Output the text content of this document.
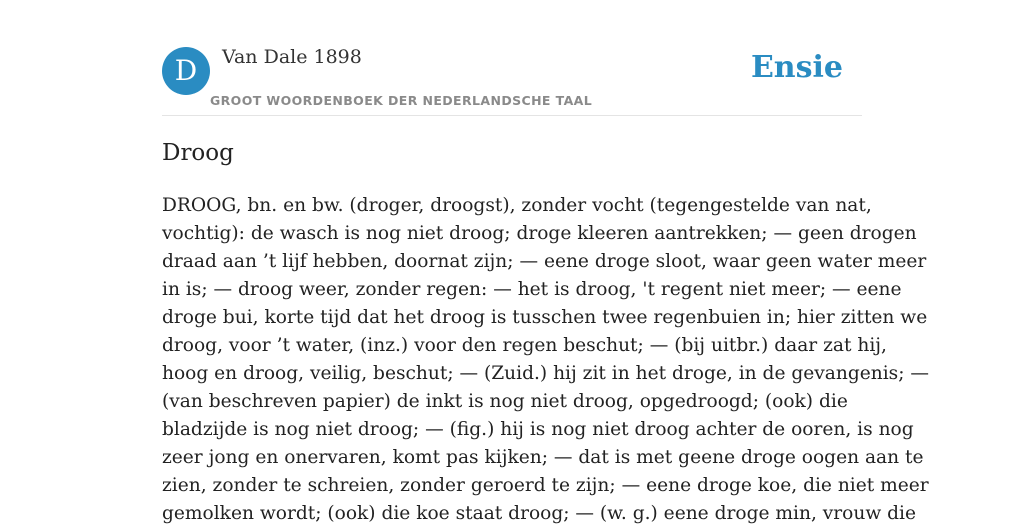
D	Van Dale 1898
GROOT WOORDENBOEK DER NEDERLANDSCHE TAAL
Ensie
Droog
DROOG, bn. en bw. (droger, droogst), zonder vocht (tegengestelde van nat,
vochtig): de wasch is nog niet droog; droge kleeren aantrekken; — geen drogen
draad aan ’t lijf hebben, doornat zijn; — eene droge sloot, waar geen water meer
in is; — droog weer, zonder regen: — het is droog, 't regent niet meer; — eene
droge bui, korte tijd dat het droog is tusschen twee regenbuien in; hier zitten we
droog, voor ’t water, (inz.) voor den regen beschut; — (bij uitbr.) daar zat hij,
hoog en droog, veilig, beschut; — (Zuid.) hij zit in het droge, in de gevangenis; —
(van beschreven papier) de inkt is nog niet droog, opgedroogd; (ook) die
bladzijde is nog niet droog; — (fig.) hij is nog niet droog achter de ooren, is nog
zeer jong en onervaren, komt pas kijken; — dat is met geene droge oogen aan te
zien, zonder te schreien, zonder geroerd te zijn; — eene droge koe, die niet meer
gemolken wordt; (ook) die koe staat droog; — (w. g.) eene droge min, vrouw die
